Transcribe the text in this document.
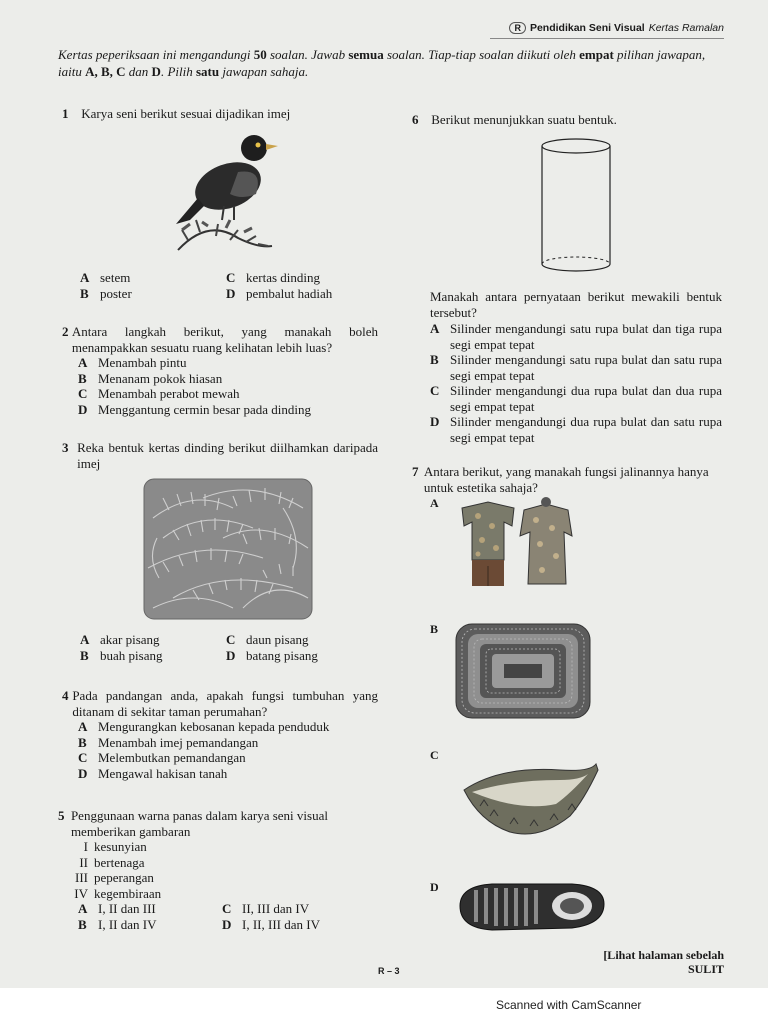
R Pendidikan Seni Visual Kertas Ramalan
Kertas peperiksaan ini mengandungi 50 soalan. Jawab semua soalan. Tiap-tiap soalan diikuti oleh empat pilihan jawapan, iaitu A, B, C dan D. Pilih satu jawapan sahaja.
1 Karya seni berikut sesuai dijadikan imej
A setem	C kertas dinding
B poster	D pembalut hadiah
2 Antara langkah berikut, yang manakah boleh menampakkan sesuatu ruang kelihatan lebih luas?
A Menambah pintu
B Menanam pokok hiasan
C Menambah perabot mewah
D Menggantung cermin besar pada dinding
3 Reka bentuk kertas dinding berikut diilhamkan daripada imej
A akar pisang	C daun pisang
B buah pisang	D batang pisang
4 Pada pandangan anda, apakah fungsi tumbuhan yang ditanam di sekitar taman perumahan?
A Mengurangkan kebosanan kepada penduduk
B Menambah imej pemandangan
C Melembutkan pemandangan
D Mengawal hakisan tanah
5 Penggunaan warna panas dalam karya seni visual memberikan gambaran
I kesunyian
II bertenaga
III peperangan
IV kegembiraan
A I, II dan III	C II, III dan IV
B I, II dan IV	D I, II, III dan IV
6 Berikut menunjukkan suatu bentuk.
Manakah antara pernyataan berikut mewakili bentuk tersebut?
A Silinder mengandungi satu rupa bulat dan tiga rupa segi empat tepat
B Silinder mengandungi satu rupa bulat dan satu rupa segi empat tepat
C Silinder mengandungi dua rupa bulat dan dua rupa segi empat tepat
D Silinder mengandungi dua rupa bulat dan satu rupa segi empat tepat
7 Antara berikut, yang manakah fungsi jalinannya hanya untuk estetika sahaja?
A
B
C
D
[Lihat halaman sebelah
SULIT
R – 3
Scanned with CamScanner
